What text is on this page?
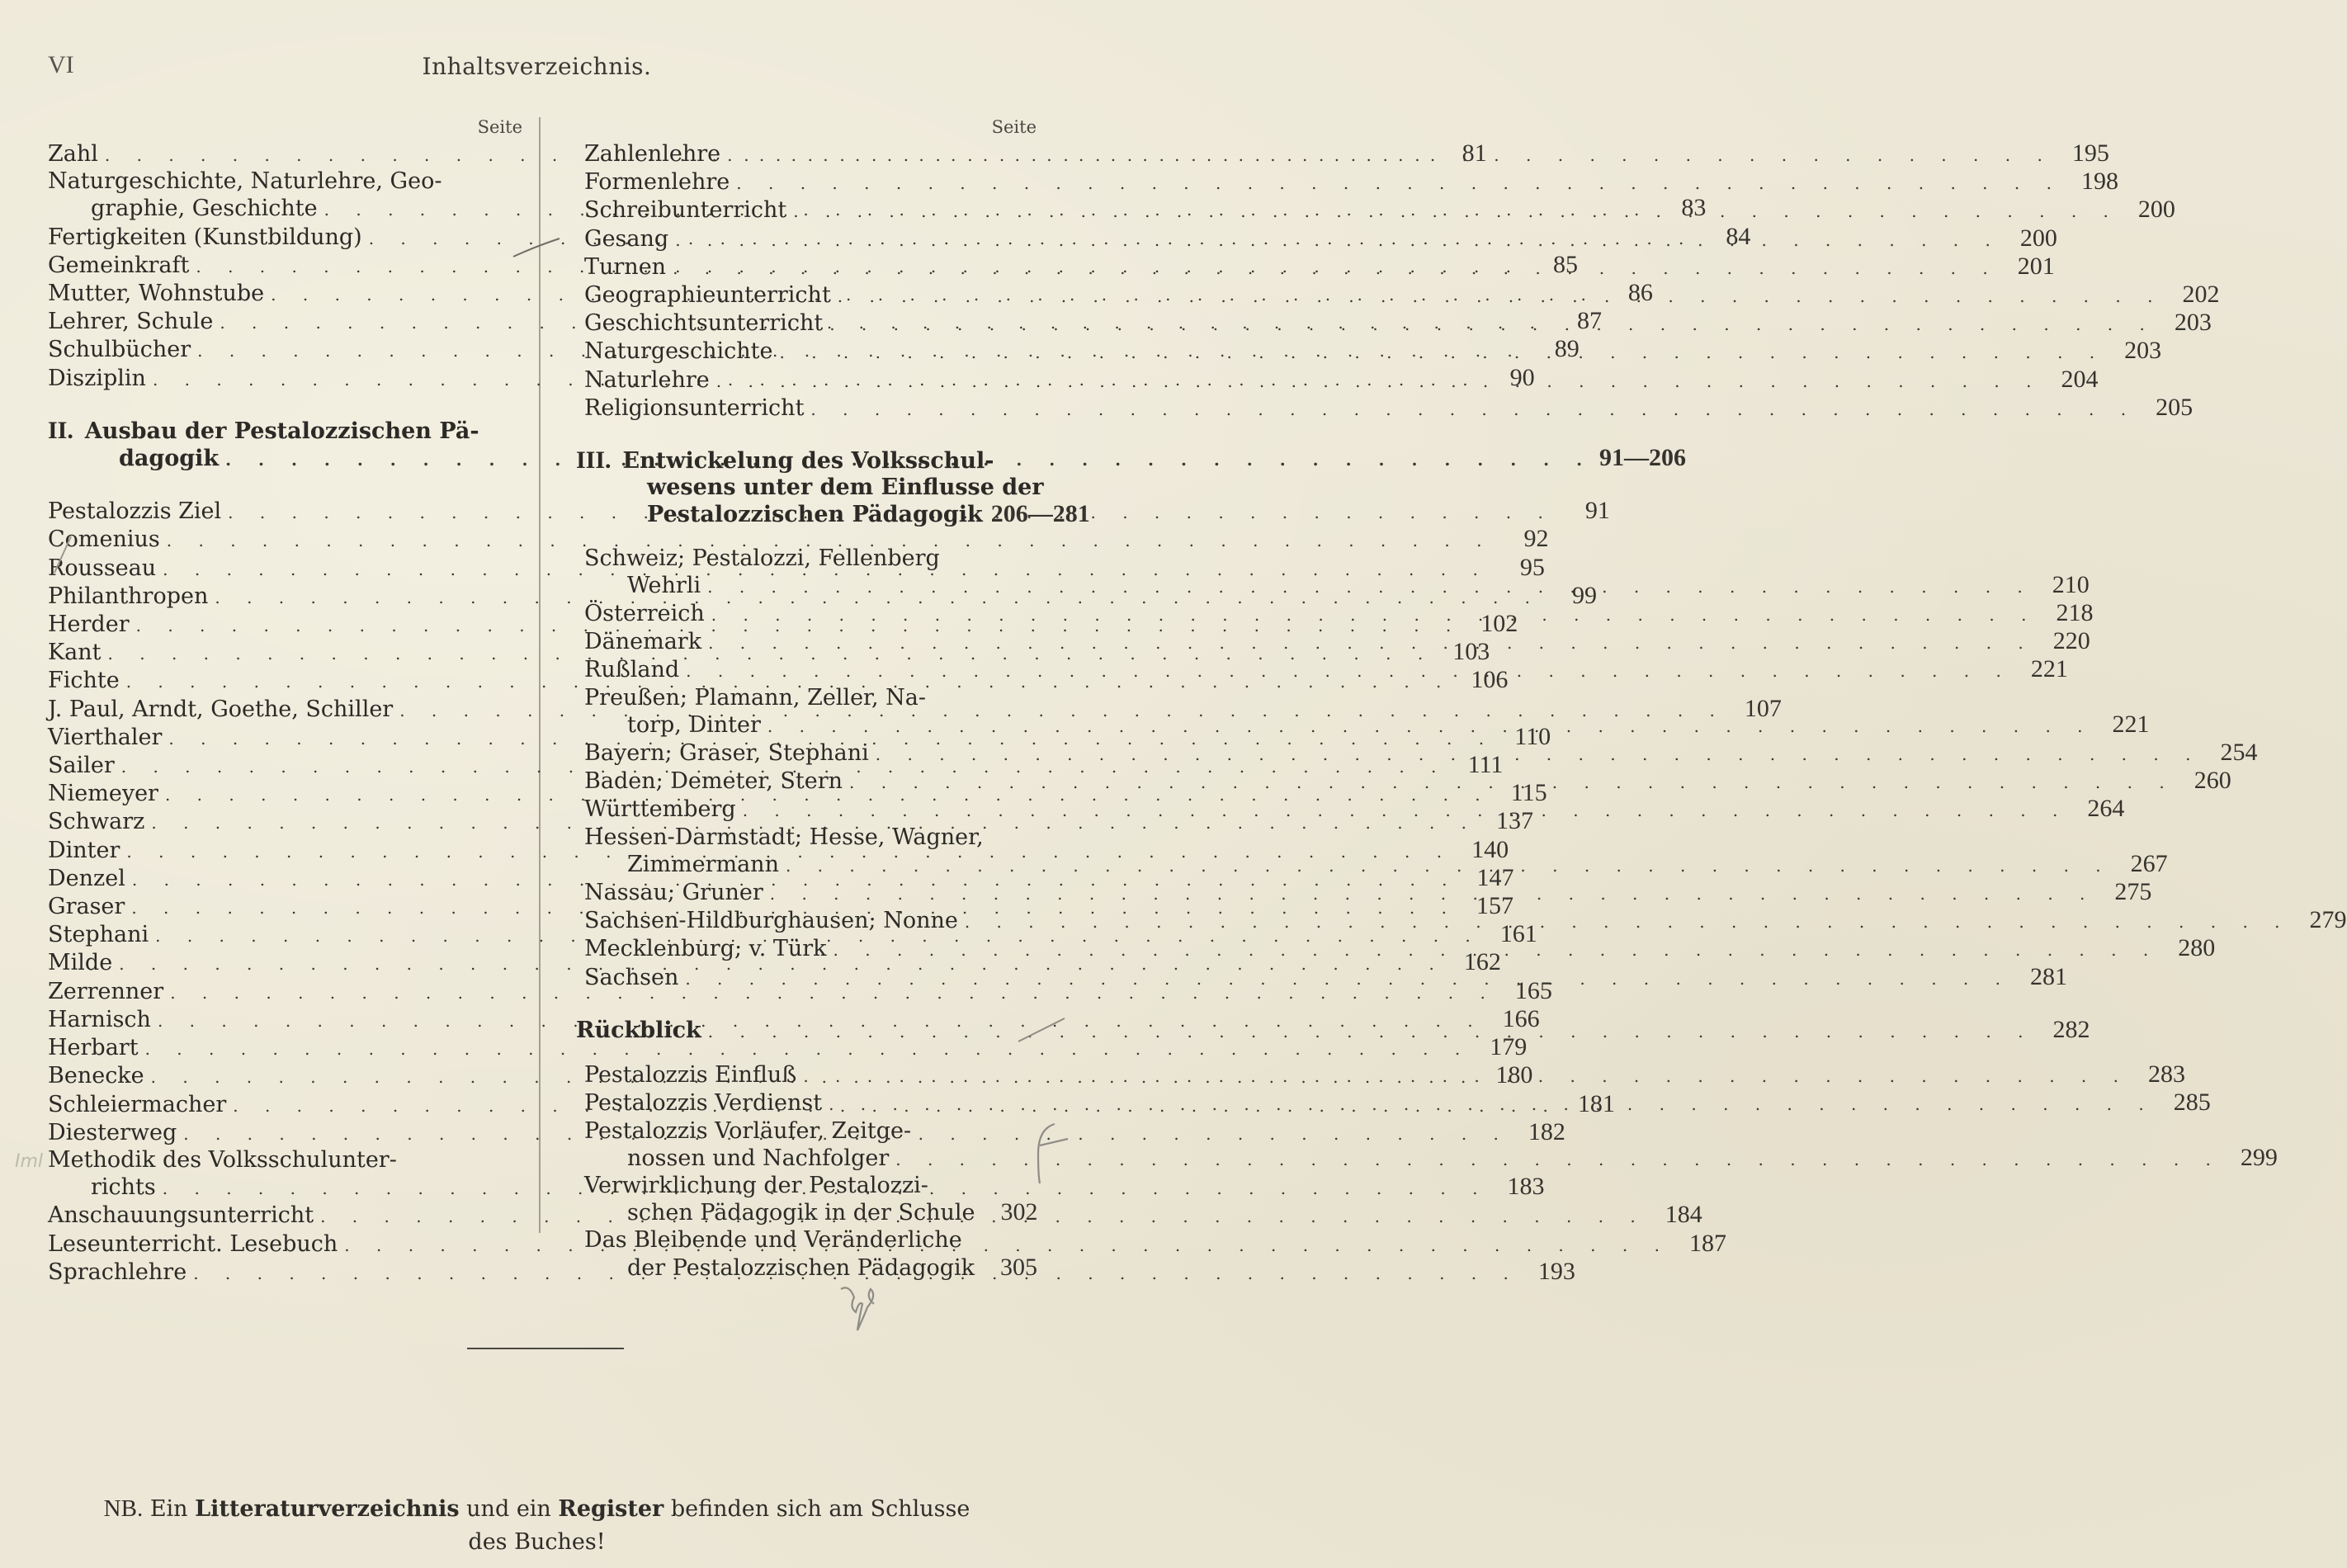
VI	Inhaltsverzeichnis.
Seite
Zahl . . .	81
Naturgeschichte, Naturlehre, Geo-
graphie, Geschichte . . .	83
Fertigkeiten (Kunstbildung) . . .	84
Gemeinkraft . . .	85
Mutter, Wohnstube . . .	86
Lehrer, Schule . . .	87
Schulbücher . . .	89
Disziplin . . .	90
II. Ausbau der Pestalozzischen Pä-
dagogik . . .	91—206
Pestalozzis Ziel . . .	91
Comenius . . .	92
Rousseau . . .	95
Philanthropen . . .	99
Herder . . .	102
Kant . . .	103
Fichte . . .	106
J. Paul, Arndt, Goethe, Schiller . . .	107
Vierthaler . . .	110
Sailer . . .	111
Niemeyer . . .	115
Schwarz . . .	137
Dinter . . .	140
Denzel . . .	147
Graser . . .	157
Stephani . . .	161
Milde . . .	162
Zerrenner . . .	165
Harnisch . . .	166
Herbart . . .	179
Benecke . . .	180
Schleiermacher . . .	181
Diesterweg . . .	182
Methodik des Volksschulunter-
richts . . .	183
Anschauungsunterricht . . .	184
Leseunterricht. Lesebuch . . .	187
Sprachlehre . . .	193
Seite
Zahlenlehre . . .	195
Formenlehre . . .	198
Schreibunterricht . . .	200
Gesang . . .	200
Turnen . . .	201
Geographieunterricht . . .	202
Geschichtsunterricht . . .	203
Naturgeschichte . . .	203
Naturlehre . . .	204
Religionsunterricht . . .	205
III. Entwickelung des Volksschul-
wesens unter dem Einflusse der
Pestalozzischen Pädagogik 206—281
Schweiz; Pestalozzi, Fellenberg
Wehrli . . .	210
Österreich . . .	218
Dänemark . . .	220
Rußland . . .	221
Preußen; Plamann, Zeller, Na-
torp, Dinter . . .	221
Bayern; Graser, Stephani . . .	254
Baden; Demeter, Stern . . .	260
Württemberg . . .	264
Hessen-Darmstadt; Hesse, Wagner,
Zimmermann . . .	267
Nassau; Gruner . . .	275
Sachsen-Hildburghausen; Nonne . . .	279
Mecklenburg; v. Türk . . .	280
Sachsen . . .	281
Rückblick . . .	282
Pestalozzis Einfluß . . .	283
Pestalozzis Verdienst . . .	285
Pestalozzis Vorläufer, Zeitge-
nossen und Nachfolger . . .	299
Verwirklichung der Pestalozzi-
schen Pädagogik in der Schule	302
Das Bleibende und Veränderliche
der Pestalozzischen Pädagogik	305
NB. Ein Litteraturverzeichnis und ein Register befinden sich am Schlusse
des Buches!
Iml
